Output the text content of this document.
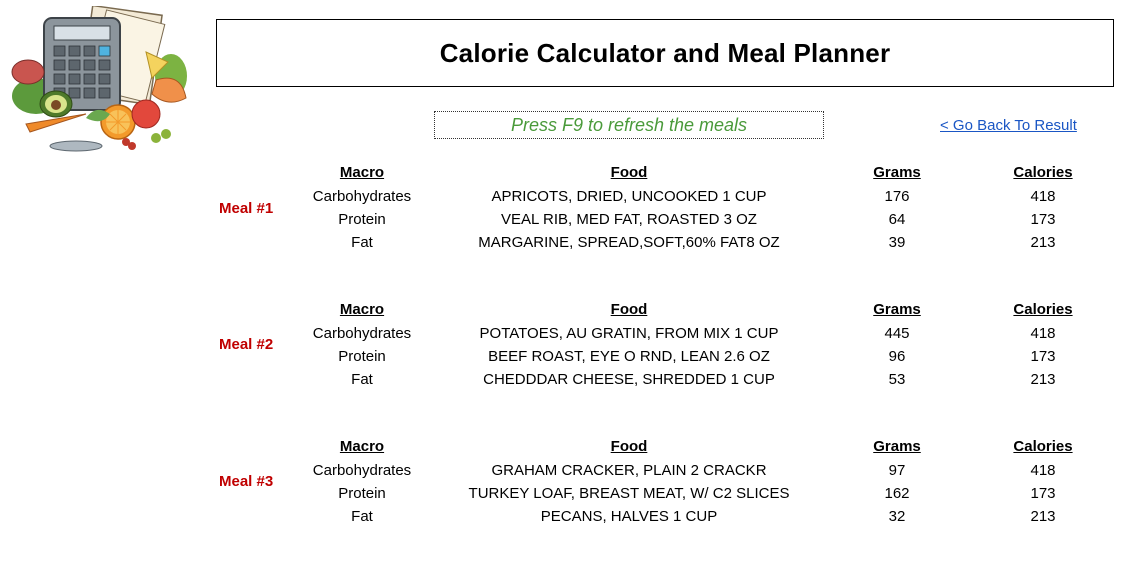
Calorie Calculator and Meal Planner
Press F9 to refresh the meals	< Go Back To Result
Macro	Food	Grams	Calories
Meal #1
Carbohydrates	APRICOTS, DRIED, UNCOOKED 1 CUP	176	418
Protein	VEAL RIB, MED FAT, ROASTED 3 OZ	64	173
Fat	MARGARINE, SPREAD,SOFT,60% FAT8 OZ	39	213
Macro	Food	Grams	Calories
Meal #2
Carbohydrates	POTATOES, AU GRATIN, FROM MIX 1 CUP	445	418
Protein	BEEF ROAST, EYE O RND, LEAN 2.6 OZ	96	173
Fat	CHEDDDAR CHEESE, SHREDDED 1 CUP	53	213
Macro	Food	Grams	Calories
Meal #3
Carbohydrates	GRAHAM CRACKER, PLAIN 2 CRACKR	97	418
Protein	TURKEY LOAF, BREAST MEAT, W/ C2 SLICES	162	173
Fat	PECANS, HALVES 1 CUP	32	213
